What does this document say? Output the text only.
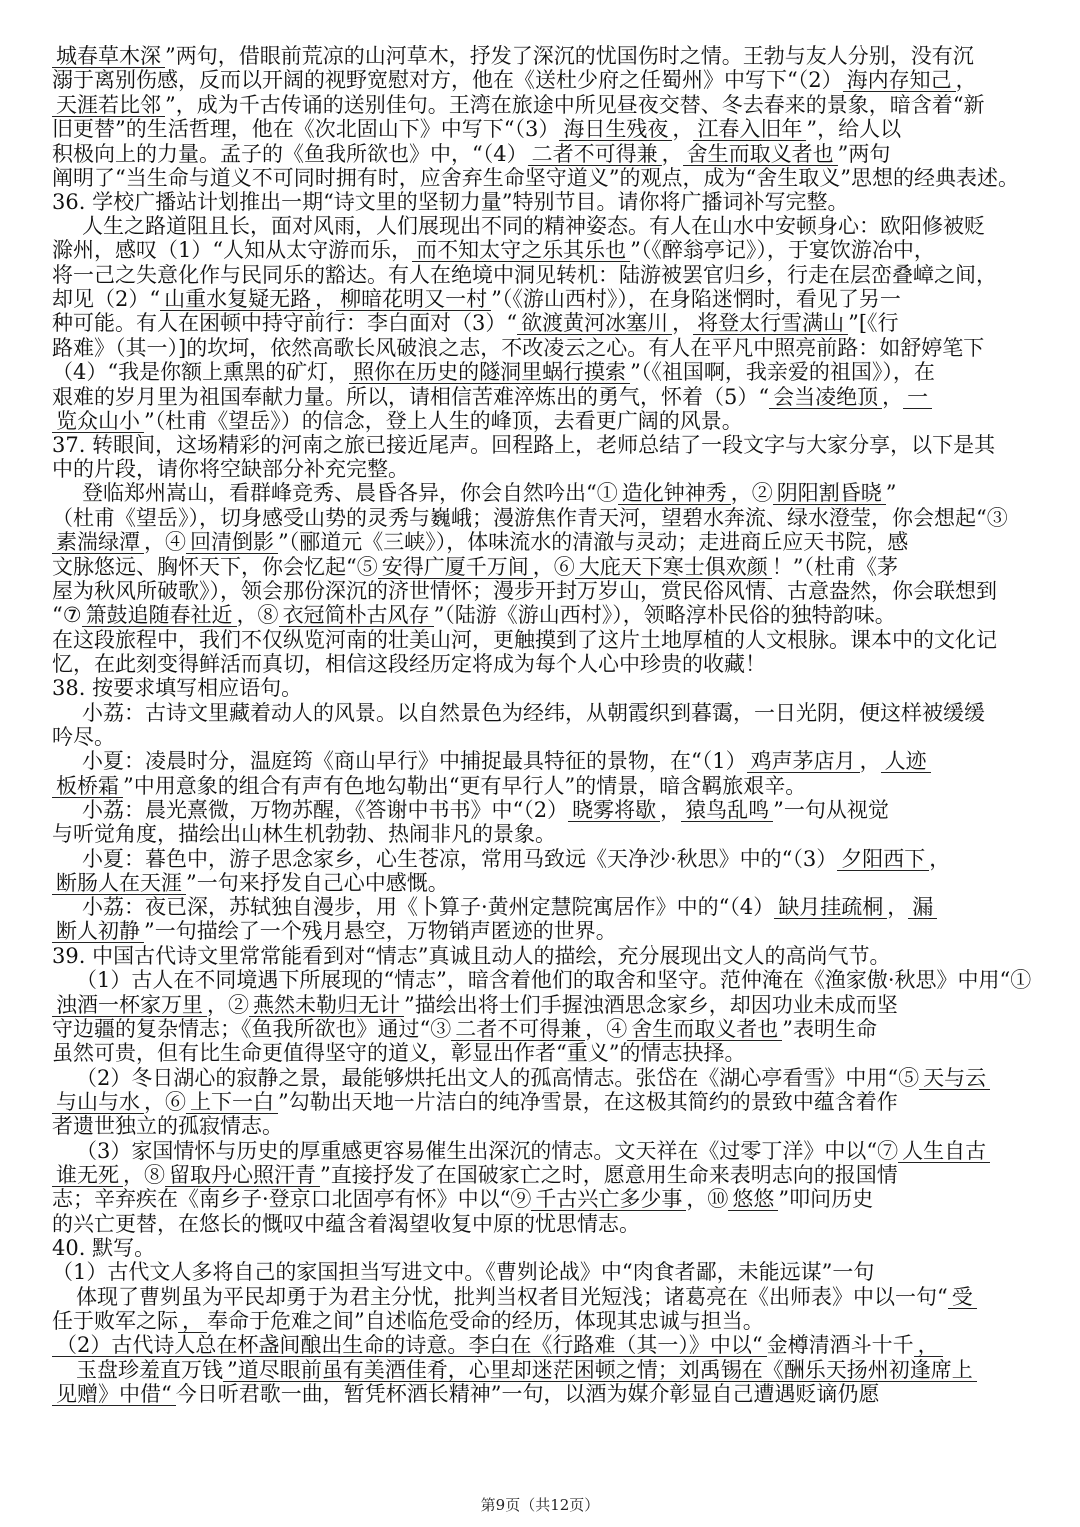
城春草木深 ”两句，借眼前荒凉的山河草木，抒发了深沉的忧国伤时之情。王勃与友人分别，没有沉
溺于离别伤感，反而以开阔的视野宽慰对方，他在《送杜少府之任蜀州》中写下“（2） 海内存知己 ，
天涯若比邻 ”，成为千古传诵的送别佳句。王湾在旅途中所见昼夜交替、冬去春来的景象，暗含着“新
旧更替”的生活哲理，他在《次北固山下》中写下“（3） 海日生残夜 ， 江春入旧年 ”，给人以
积极向上的力量。孟子的《鱼我所欲也》中，“（4） 二者不可得兼 ， 舍生而取义者也 ”两句
阐明了“当生命与道义不可同时拥有时，应舍弃生命坚守道义”的观点，成为“舍生取义”思想的经典表述。
36. 学校广播站计划推出一期“诗文里的坚韧力量”特别节目。请你将广播词补写完整。
人生之路道阻且长，面对风雨，人们展现出不同的精神姿态。有人在山水中安顿身心：欧阳修被贬
滁州，感叹（1）“人知从太守游而乐， 而不知太守之乐其乐也 ”（《醉翁亭记》），于宴饮游冶中，
将一己之失意化作与民同乐的豁达。有人在绝境中洞见转机：陆游被罢官归乡，行走在层峦叠嶂之间，
却见（2）“ 山重水复疑无路 ， 柳暗花明又一村 ”（《游山西村》），在身陷迷惘时，看见了另一
种可能。有人在困顿中持守前行：李白面对（3）“ 欲渡黄河冰塞川 ， 将登太行雪满山 ”[《行
路难》（其一）]的坎坷，依然高歌长风破浪之志，不改凌云之心。有人在平凡中照亮前路：如舒婷笔下
（4）“我是你额上熏黑的矿灯， 照你在历史的隧洞里蜗行摸索 ”（《祖国啊，我亲爱的祖国》），在
艰难的岁月里为祖国奉献力量。所以，请相信苦难淬炼出的勇气，怀着（5）“ 会当凌绝顶 ， 一
览众山小 ”（杜甫《望岳》）的信念，登上人生的峰顶，去看更广阔的风景。
37. 转眼间，这场精彩的河南之旅已接近尾声。回程路上，老师总结了一段文字与大家分享，以下是其
中的片段，请你将空缺部分补充完整。
登临郑州嵩山，看群峰竞秀、晨昏各异，你会自然吟出“① 造化钟神秀 ，② 阴阳割昏晓 ”
（杜甫《望岳》），切身感受山势的灵秀与巍峨；漫游焦作青天河，望碧水奔流、绿水澄莹，你会想起“③
素湍绿潭 ，④ 回清倒影 ”（郦道元《三峡》），体味流水的清澈与灵动；走进商丘应天书院，感
文脉悠远、胸怀天下，你会忆起“⑤ 安得广厦千万间 ，⑥ 大庇天下寒士俱欢颜 ！”（杜甫《茅
屋为秋风所破歌》），领会那份深沉的济世情怀；漫步开封万岁山，赏民俗风情、古意盎然，你会联想到
“⑦ 箫鼓追随春社近 ，⑧ 衣冠简朴古风存 ”（陆游《游山西村》），领略淳朴民俗的独特韵味。
在这段旅程中，我们不仅纵览河南的壮美山河，更触摸到了这片土地厚植的人文根脉。课本中的文化记
忆，在此刻变得鲜活而真切，相信这段经历定将成为每个人心中珍贵的收藏！
38. 按要求填写相应语句。
小荔：古诗文里藏着动人的风景。以自然景色为经纬，从朝霞织到暮霭，一日光阴，便这样被缓缓
吟尽。
小夏：凌晨时分，温庭筠《商山早行》中捕捉最具特征的景物，在“（1） 鸡声茅店月 ， 人迹
板桥霜 ”中用意象的组合有声有色地勾勒出“更有早行人”的情景，暗含羁旅艰辛。
小荔：晨光熹微，万物苏醒，《答谢中书书》中“（2） 晓雾将歇 ， 猿鸟乱鸣 ”一句从视觉
与听觉角度，描绘出山林生机勃勃、热闹非凡的景象。
小夏：暮色中，游子思念家乡，心生苍凉，常用马致远《天净沙·秋思》中的“（3） 夕阳西下 ，
断肠人在天涯 ”一句来抒发自己心中感慨。
小荔：夜已深，苏轼独自漫步，用《卜算子·黄州定慧院寓居作》中的“（4） 缺月挂疏桐 ， 漏
断人初静 ”一句描绘了一个残月悬空，万物销声匿迹的世界。
39. 中国古代诗文里常常能看到对“情志”真诚且动人的描绘，充分展现出文人的高尚气节。
（1）古人在不同境遇下所展现的“情志”，暗含着他们的取舍和坚守。范仲淹在《渔家傲·秋思》中用“①
浊酒一杯家万里 ，② 燕然未勒归无计 ”描绘出将士们手握浊酒思念家乡，却因功业未成而坚
守边疆的复杂情志；《鱼我所欲也》通过“③ 二者不可得兼 ，④ 舍生而取义者也 ”表明生命
虽然可贵，但有比生命更值得坚守的道义，彰显出作者“重义”的情志抉择。
（2）冬日湖心的寂静之景，最能够烘托出文人的孤高情志。张岱在《湖心亭看雪》中用“⑤ 天与云
与山与水 ，⑥ 上下一白 ”勾勒出天地一片洁白的纯净雪景，在这极其简约的景致中蕴含着作
者遗世独立的孤寂情志。
（3）家国情怀与历史的厚重感更容易催生出深沉的情志。文天祥在《过零丁洋》中以“⑦ 人生自古
谁无死 ，⑧ 留取丹心照汗青 ”直接抒发了在国破家亡之时，愿意用生命来表明志向的报国情
志；辛弃疾在《南乡子·登京口北固亭有怀》中以“⑨ 千古兴亡多少事 ，⑩ 悠悠 ”叩问历史
的兴亡更替，在悠长的慨叹中蕴含着渴望收复中原的忧思情志。
40. 默写。
（1）古代文人多将自己的家国担当写进文中。《曹刿论战》中“肉食者鄙，未能远谋”一句
体现了曹刿虽为平民却勇于为君主分忧，批判当权者目光短浅；诸葛亮在《出师表》中以一句“ 受
任于败军之际 ， 奉命于危难之间”自述临危受命的经历，体现其忠诚与担当。
（2）古代诗人总在杯盏间酿出生命的诗意。李白在《行路难（其一）》中以“ 金樽清酒斗十千 ，
玉盘珍羞直万钱 ”道尽眼前虽有美酒佳肴，心里却迷茫困顿之情；刘禹锡在《酬乐天扬州初逢席上
见赠》中借“ 今日听君歌一曲，暂凭杯酒长精神”一句，以酒为媒介彰显自己遭遇贬谪仍愿
第9页（共12页）
